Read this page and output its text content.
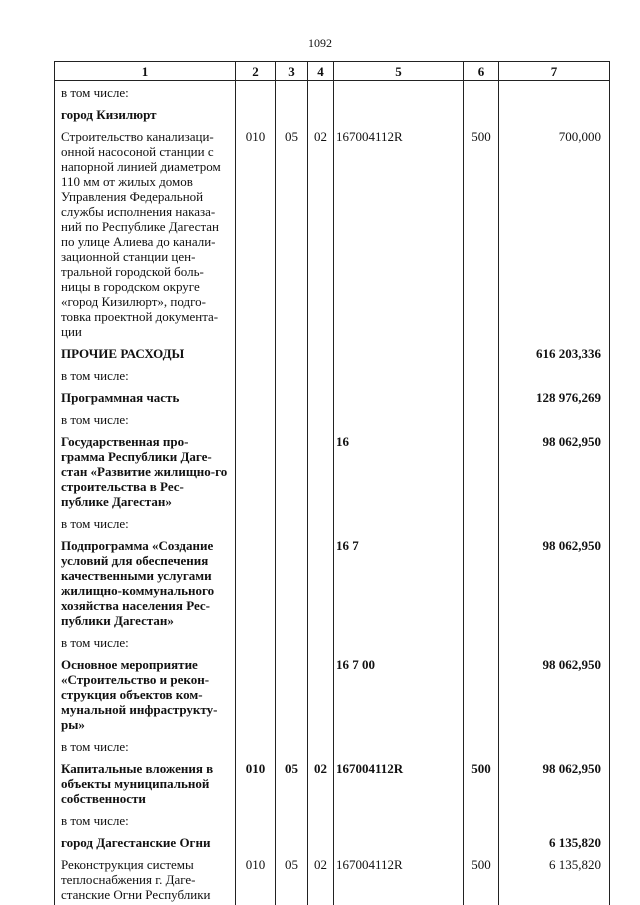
1092
1	2	3	4	5	6	7
в том числе:						
город Кизилюрт						
Строительство канализаци-онной насосоной станции с напорной линией диаметром 110 мм от жилых домов Управления Федеральной службы исполнения наказа-ний по Республике Дагестан по улице Алиева до канали-зационной станции цен-тральной городской боль-ницы в городском округе «город Кизилюрт», подго-товка проектной документа-ции	010	05	02	167004112R	500	700,000
ПРОЧИЕ РАСХОДЫ						616 203,336
в том числе:						
Программная часть						128 976,269
в том числе:						
Государственная про-грамма Республики Даге-стан «Развитие жилищно-го строительства в Рес-публике Дагестан»				16		98 062,950
в том числе:						
Подпрограмма «Создание условий для обеспечения качественными услугами жилищно-коммунального хозяйства населения Рес-публики Дагестан»				16 7		98 062,950
в том числе:						
Основное мероприятие «Строительство и рекон-струкция объектов ком-мунальной инфраструкту-ры»				16 7 00		98 062,950
в том числе:						
Капитальные вложения в объекты муниципальной собственности	010	05	02	167004112R	500	98 062,950
в том числе:						
город Дагестанские Огни						6 135,820
Реконструкция системы теплоснабжения г. Даге-станские Огни Республики	010	05	02	167004112R	500	6 135,820
